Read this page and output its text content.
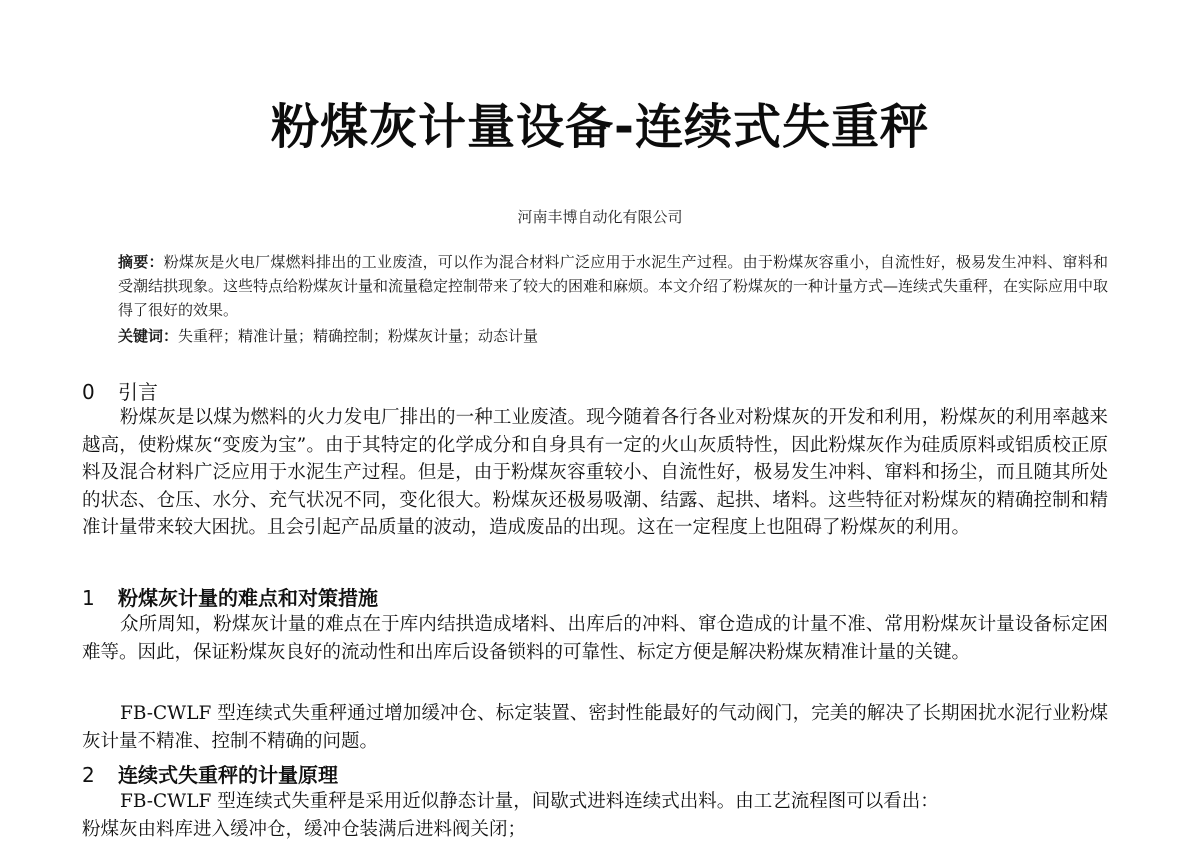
粉煤灰计量设备-连续式失重秤
河南丰博自动化有限公司
摘要：粉煤灰是火电厂煤燃料排出的工业废渣，可以作为混合材料广泛应用于水泥生产过程。由于粉煤灰容重小，自流性好，极易发生冲料、窜料和受潮结拱现象。这些特点给粉煤灰计量和流量稳定控制带来了较大的困难和麻烦。本文介绍了粉煤灰的一种计量方式—连续式失重秤，在实际应用中取得了很好的效果。
关键词：失重秤；精准计量；精确控制；粉煤灰计量；动态计量
0 引言
粉煤灰是以煤为燃料的火力发电厂排出的一种工业废渣。现今随着各行各业对粉煤灰的开发和利用，粉煤灰的利用率越来越高，使粉煤灰“变废为宝”。由于其特定的化学成分和自身具有一定的火山灰质特性，因此粉煤灰作为硅质原料或铝质校正原料及混合材料广泛应用于水泥生产过程。但是，由于粉煤灰容重较小、自流性好，极易发生冲料、窜料和扬尘，而且随其所处的状态、仓压、水分、充气状况不同，变化很大。粉煤灰还极易吸潮、结露、起拱、堵料。这些特征对粉煤灰的精确控制和精准计量带来较大困扰。且会引起产品质量的波动，造成废品的出现。这在一定程度上也阻碍了粉煤灰的利用。
1 粉煤灰计量的难点和对策措施
众所周知，粉煤灰计量的难点在于库内结拱造成堵料、出库后的冲料、窜仓造成的计量不准、常用粉煤灰计量设备标定困难等。因此，保证粉煤灰良好的流动性和出库后设备锁料的可靠性、标定方便是解决粉煤灰精准计量的关键。
FB-CWLF 型连续式失重秤通过增加缓冲仓、标定装置、密封性能最好的气动阀门，完美的解决了长期困扰水泥行业粉煤灰计量不精准、控制不精确的问题。
2 连续式失重秤的计量原理
FB-CWLF 型连续式失重秤是采用近似静态计量，间歇式进料连续式出料。由工艺流程图可以看出：
粉煤灰由料库进入缓冲仓，缓冲仓装满后进料阀关闭；
